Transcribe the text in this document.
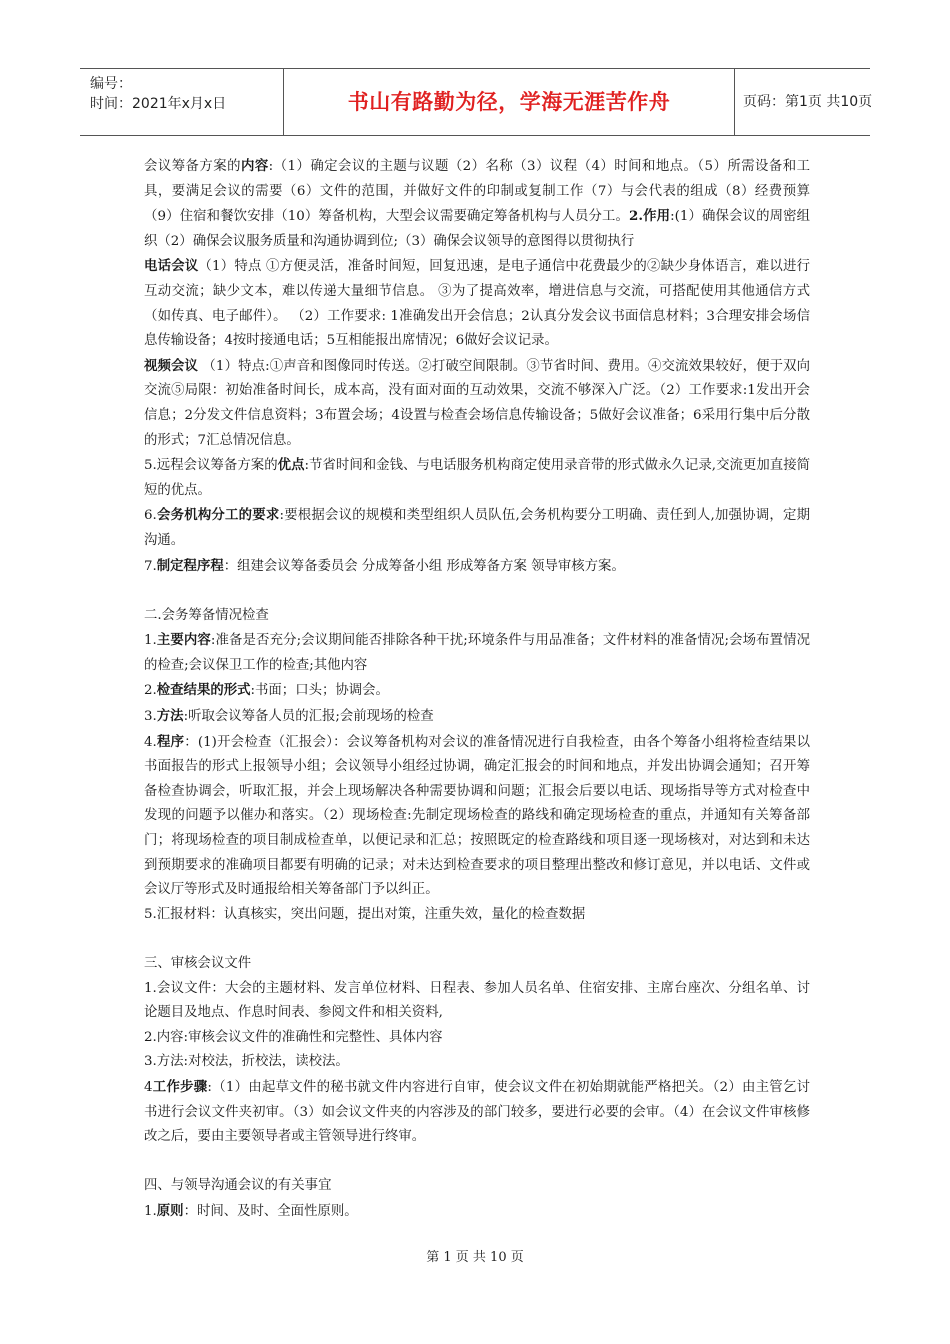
编号：
时间：2021年x月x日	书山有路勤为径，学海无涯苦作舟	页码：第1页 共10页

会议筹备方案的内容:（1）确定会议的主题与议题（2）名称（3）议程（4）时间和地点。（5）所需设备和工具，要满足会议的需要（6）文件的范围，并做好文件的印制或复制工作（7）与会代表的组成（8）经费预算（9）住宿和餐饮安排（10）筹备机构，大型会议需要确定筹备机构与人员分工。2.作用:(1）确保会议的周密组织（2）确保会议服务质量和沟通协调到位;（3）确保会议领导的意图得以贯彻执行

电话会议（1）特点 ①方便灵活，准备时间短，回复迅速，是电子通信中花费最少的②缺少身体语言，难以进行互动交流；缺少文本，难以传递大量细节信息。 ③为了提高效率，增进信息与交流，可搭配使用其他通信方式（如传真、电子邮件）。 （2）工作要求: 1准确发出开会信息；2认真分发会议书面信息材料；3合理安排会场信息传输设备；4按时接通电话；5互相能报出席情况；6做好会议记录。

视频会议 （1）特点:①声音和图像同时传送。②打破空间限制。③节省时间、费用。④交流效果较好，便于双向交流⑤局限：初始准备时间长，成本高，没有面对面的互动效果，交流不够深入广泛。（2）工作要求:1发出开会信息；2分发文件信息资料；3布置会场；4设置与检查会场信息传输设备；5做好会议准备；6采用行集中后分散的形式；7汇总情况信息。

5.远程会议筹备方案的优点:节省时间和金钱、与电话服务机构商定使用录音带的形式做永久记录,交流更加直接简短的优点。

6.会务机构分工的要求:要根据会议的规模和类型组织人员队伍,会务机构要分工明确、责任到人,加强协调，定期沟通。

7.制定程序程：组建会议筹备委员会 分成筹备小组 形成筹备方案 领导审核方案。

二.会务筹备情况检查

1.主要内容:准备是否充分;会议期间能否排除各种干扰;环境条件与用品准备；文件材料的准备情况;会场布置情况的检查;会议保卫工作的检查;其他内容

2.检查结果的形式:书面；口头；协调会。

3.方法:听取会议筹备人员的汇报;会前现场的检查

4.程序：(1)开会检查（汇报会）：会议筹备机构对会议的准备情况进行自我检查，由各个筹备小组将检查结果以书面报告的形式上报领导小组；会议领导小组经过协调，确定汇报会的时间和地点，并发出协调会通知；召开筹备检查协调会，听取汇报，并会上现场解决各种需要协调和问题；汇报会后要以电话、现场指导等方式对检查中发现的问题予以催办和落实。（2）现场检查:先制定现场检查的路线和确定现场检查的重点，并通知有关筹备部门；将现场检查的项目制成检查单，以便记录和汇总；按照既定的检查路线和项目逐一现场核对，对达到和未达到预期要求的准确项目都要有明确的记录；对未达到检查要求的项目整理出整改和修订意见，并以电话、文件或会议厅等形式及时通报给相关筹备部门予以纠正。

5.汇报材料：认真核实，突出问题，提出对策，注重失效，量化的检查数据

三、审核会议文件

1.会议文件：大会的主题材料、发言单位材料、日程表、参加人员名单、住宿安排、主席台座次、分组名单、讨论题目及地点、作息时间表、参阅文件和相关资料,

2.内容:审核会议文件的准确性和完整性、具体内容

3.方法:对校法，折校法，读校法。

4工作步骤:（1）由起草文件的秘书就文件内容进行自审，使会议文件在初始期就能严格把关。（2）由主管乞讨书进行会议文件夹初审。（3）如会议文件夹的内容涉及的部门较多，要进行必要的会审。（4）在会议文件审核修改之后，要由主要领导者或主管领导进行终审。

四、与领导沟通会议的有关事宜

1.原则：时间、及时、全面性原则。

第 1 页 共 10 页
